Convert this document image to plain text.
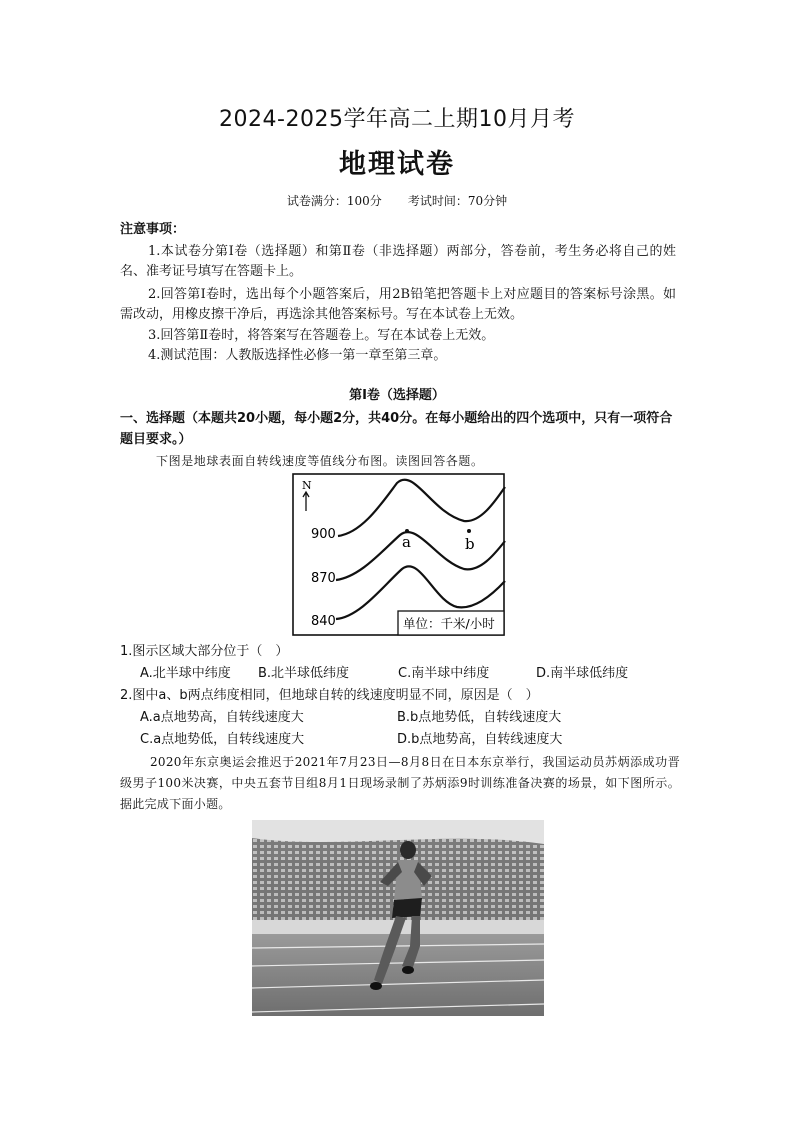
2024-2025学年高二上期10月月考
地理试卷
试卷满分：100分 考试时间：70分钟
注意事项：
1.本试卷分第Ⅰ卷（选择题）和第Ⅱ卷（非选择题）两部分，答卷前，考生务必将自己的姓名、准考证号填写在答题卡上。
2.回答第Ⅰ卷时，选出每个小题答案后，用2B铅笔把答题卡上对应题目的答案标号涂黑。如需改动，用橡皮擦干净后，再选涂其他答案标号。写在本试卷上无效。
3.回答第Ⅱ卷时，将答案写在答题卷上。写在本试卷上无效。
4.测试范围：人教版选择性必修一第一章至第三章。
第Ⅰ卷（选择题）
一、选择题（本题共20小题，每小题2分，共40分。在每小题给出的四个选项中，只有一项符合题目要求。）
下图是地球表面自转线速度等值线分布图。读图回答各题。
N
900
870
840
a	b
单位：千米/小时
1.图示区域大部分位于（　）
A.北半球中纬度 B.北半球低纬度	C.南半球中纬度	D.南半球低纬度
2.图中a、b两点纬度相同，但地球自转的线速度明显不同，原因是（　）
A.a点地势高，自转线速度大	B.b点地势低，自转线速度大
C.a点地势低，自转线速度大	D.b点地势高，自转线速度大
2020年东京奥运会推迟于2021年7月23日—8月8日在日本东京举行，我国运动员苏炳添成功晋级男子100米决赛，中央五套节目组8月1日现场录制了苏炳添9时训练准备决赛的场景，如下图所示。据此完成下面小题。
